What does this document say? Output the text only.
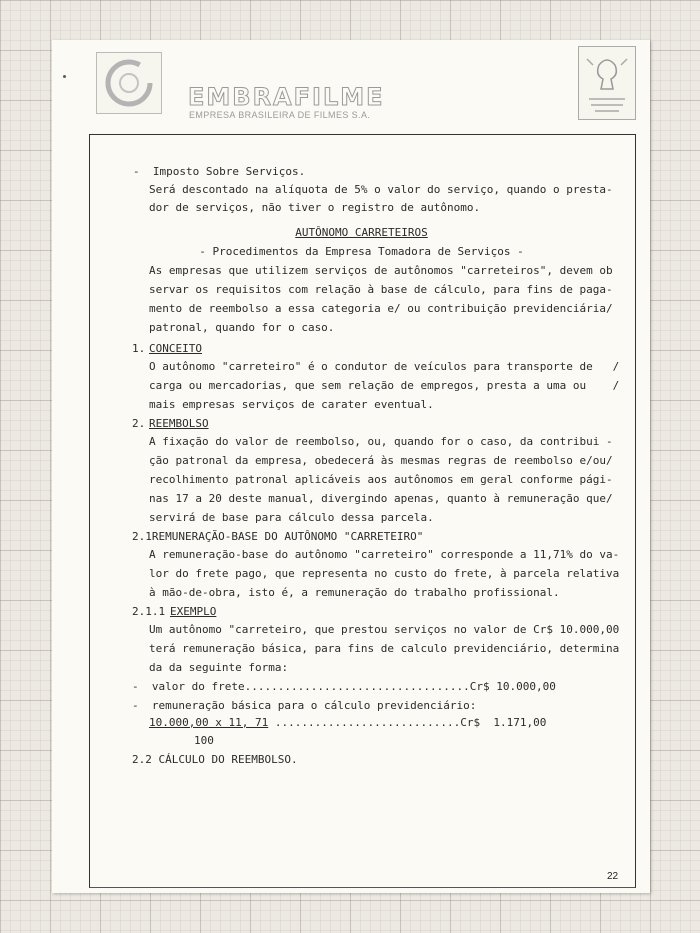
EMBRAFILME
EMPRESA BRASILEIRA DE FILMES S.A.
-  Imposto Sobre Serviços.
Será descontado na alíquota de 5% o valor do serviço, quando o presta-
dor de serviços, não tiver o registro de autônomo.
AUTÔNOMO CARRETEIROS
- Procedimentos da Empresa Tomadora de Serviços -
As empresas que utilizem serviços de autônomos "carreteiros", devem ob
servar os requisitos com relação à base de cálculo, para fins de paga-
mento de reembolso a essa categoria e/ ou contribuição previdenciária/
patronal, quando for o caso.
1. CONCEITO
O autônomo "carreteiro" é o condutor de veículos para transporte de   /
carga ou mercadorias, que sem relação de empregos, presta a uma ou    /
mais empresas serviços de carater eventual.
2. REEMBOLSO
A fixação do valor de reembolso, ou, quando for o caso, da contribui -
ção patronal da empresa, obedecerá às mesmas regras de reembolso e/ou/
recolhimento patronal aplicáveis aos autônomos em geral conforme pági-
nas 17 a 20 deste manual, divergindo apenas, quanto à remuneração que/
servirá de base para cálculo dessa parcela.
2.1REMUNERAÇÃO-BASE DO AUTÔNOMO "CARRETEIRO"
A remuneração-base do autônomo "carreteiro" corresponde a 11,71% do va-
lor do frete pago, que representa no custo do frete, à parcela relativa
à mão-de-obra, isto é, a remuneração do trabalho profissional.
2.1.1 EXEMPLO
Um autônomo "carreteiro, que prestou serviços no valor de Cr$ 10.000,00
terá remuneração básica, para fins de calculo previdenciário, determina
da da seguinte forma:
-  valor do frete..................................Cr$ 10.000,00
-  remuneração básica para o cálculo previdenciário:
10.000,00 x 11, 71 ............................Cr$  1.171,00
100
2.2 CÁLCULO DO REEMBOLSO.
22
